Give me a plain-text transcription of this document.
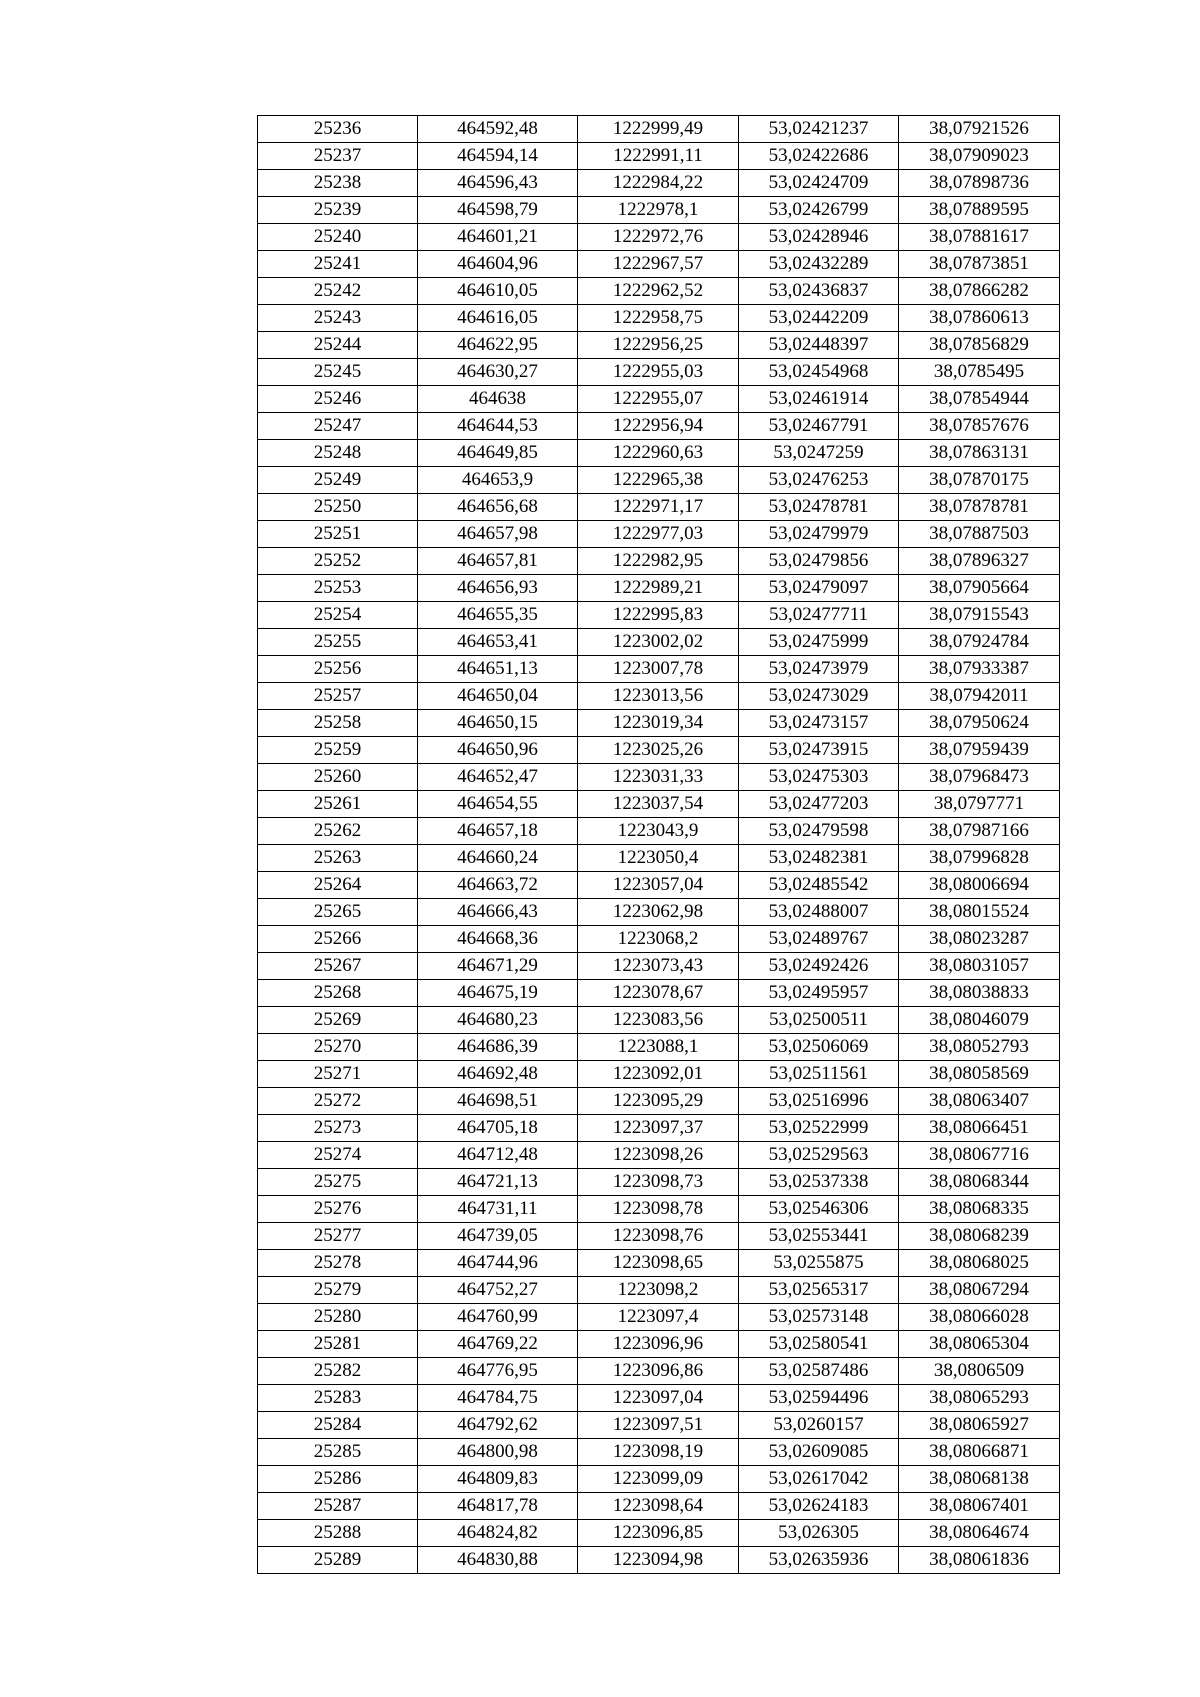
25236	464592,48	1222999,49	53,02421237	38,07921526
25237	464594,14	1222991,11	53,02422686	38,07909023
25238	464596,43	1222984,22	53,02424709	38,07898736
25239	464598,79	1222978,1	53,02426799	38,07889595
25240	464601,21	1222972,76	53,02428946	38,07881617
25241	464604,96	1222967,57	53,02432289	38,07873851
25242	464610,05	1222962,52	53,02436837	38,07866282
25243	464616,05	1222958,75	53,02442209	38,07860613
25244	464622,95	1222956,25	53,02448397	38,07856829
25245	464630,27	1222955,03	53,02454968	38,0785495
25246	464638	1222955,07	53,02461914	38,07854944
25247	464644,53	1222956,94	53,02467791	38,07857676
25248	464649,85	1222960,63	53,0247259	38,07863131
25249	464653,9	1222965,38	53,02476253	38,07870175
25250	464656,68	1222971,17	53,02478781	38,07878781
25251	464657,98	1222977,03	53,02479979	38,07887503
25252	464657,81	1222982,95	53,02479856	38,07896327
25253	464656,93	1222989,21	53,02479097	38,07905664
25254	464655,35	1222995,83	53,02477711	38,07915543
25255	464653,41	1223002,02	53,02475999	38,07924784
25256	464651,13	1223007,78	53,02473979	38,07933387
25257	464650,04	1223013,56	53,02473029	38,07942011
25258	464650,15	1223019,34	53,02473157	38,07950624
25259	464650,96	1223025,26	53,02473915	38,07959439
25260	464652,47	1223031,33	53,02475303	38,07968473
25261	464654,55	1223037,54	53,02477203	38,0797771
25262	464657,18	1223043,9	53,02479598	38,07987166
25263	464660,24	1223050,4	53,02482381	38,07996828
25264	464663,72	1223057,04	53,02485542	38,08006694
25265	464666,43	1223062,98	53,02488007	38,08015524
25266	464668,36	1223068,2	53,02489767	38,08023287
25267	464671,29	1223073,43	53,02492426	38,08031057
25268	464675,19	1223078,67	53,02495957	38,08038833
25269	464680,23	1223083,56	53,02500511	38,08046079
25270	464686,39	1223088,1	53,02506069	38,08052793
25271	464692,48	1223092,01	53,02511561	38,08058569
25272	464698,51	1223095,29	53,02516996	38,08063407
25273	464705,18	1223097,37	53,02522999	38,08066451
25274	464712,48	1223098,26	53,02529563	38,08067716
25275	464721,13	1223098,73	53,02537338	38,08068344
25276	464731,11	1223098,78	53,02546306	38,08068335
25277	464739,05	1223098,76	53,02553441	38,08068239
25278	464744,96	1223098,65	53,0255875	38,08068025
25279	464752,27	1223098,2	53,02565317	38,08067294
25280	464760,99	1223097,4	53,02573148	38,08066028
25281	464769,22	1223096,96	53,02580541	38,08065304
25282	464776,95	1223096,86	53,02587486	38,0806509
25283	464784,75	1223097,04	53,02594496	38,08065293
25284	464792,62	1223097,51	53,0260157	38,08065927
25285	464800,98	1223098,19	53,02609085	38,08066871
25286	464809,83	1223099,09	53,02617042	38,08068138
25287	464817,78	1223098,64	53,02624183	38,08067401
25288	464824,82	1223096,85	53,026305	38,08064674
25289	464830,88	1223094,98	53,02635936	38,08061836
